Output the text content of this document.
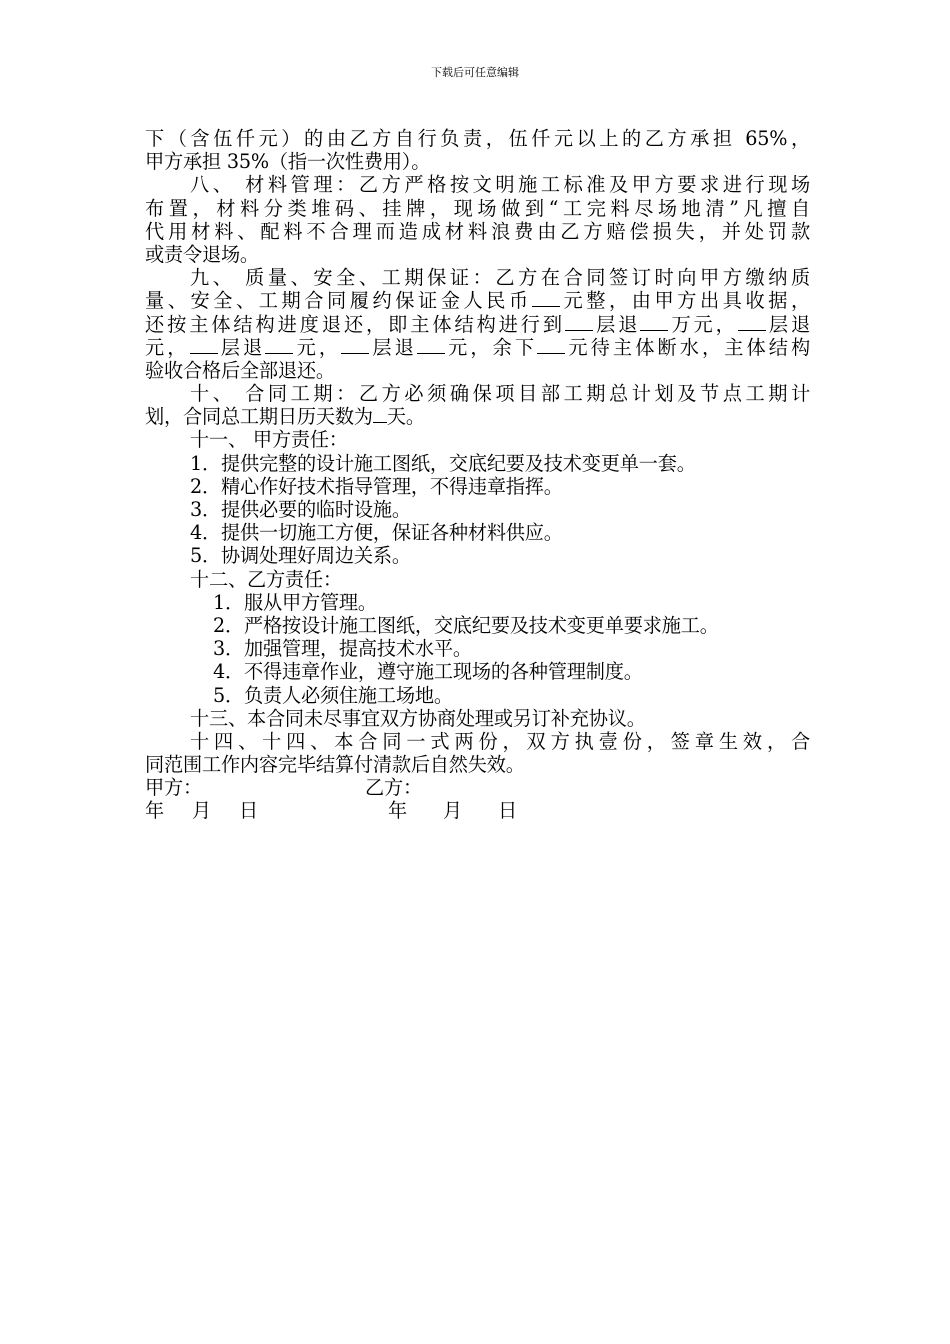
下载后可任意编辑
下（含伍仟元）的由乙方自行负责，伍仟元以上的乙方承担 65%，
甲方承担 35%（指一次性费用）。
八、 材料管理：乙方严格按文明施工标准及甲方要求进行现场
布置，材料分类堆码、挂牌，现场做到“工完料尽场地清”凡擅自
代用材料、配料不合理而造成材料浪费由乙方赔偿损失，并处罚款
或责令退场。
九、 质量、安全、工期保证：乙方在合同签订时向甲方缴纳质
量、安全、工期合同履约保证金人民币 元整，由甲方出具收据，
还按主体结构进度退还，即主体结构进行到 层退 万元， 层退
元， 层退 元， 层退 元，余下 元待主体断水，主体结构
验收合格后全部退还。
十、 合同工期：乙方必须确保项目部工期总计划及节点工期计
划，合同总工期日历天数为 天。
十一、 甲方责任：
1．提供完整的设计施工图纸，交底纪要及技术变更单一套。
2．精心作好技术指导管理，不得违章指挥。
3．提供必要的临时设施。
4．提供一切施工方便，保证各种材料供应。
5．协调处理好周边关系。
十二、乙方责任：
1．服从甲方管理。
2．严格按设计施工图纸，交底纪要及技术变更单要求施工。
3．加强管理，提高技术水平。
4．不得违章作业，遵守施工现场的各种管理制度。
5．负责人必须住施工场地。
十三、本合同未尽事宜双方协商处理或另订补充协议。
十四、十四、本合同一式两份，双方执壹份，签章生效，合
同范围工作内容完毕结算付清款后自然失效。
甲方：	乙方：
年 月 日	年 月 日
